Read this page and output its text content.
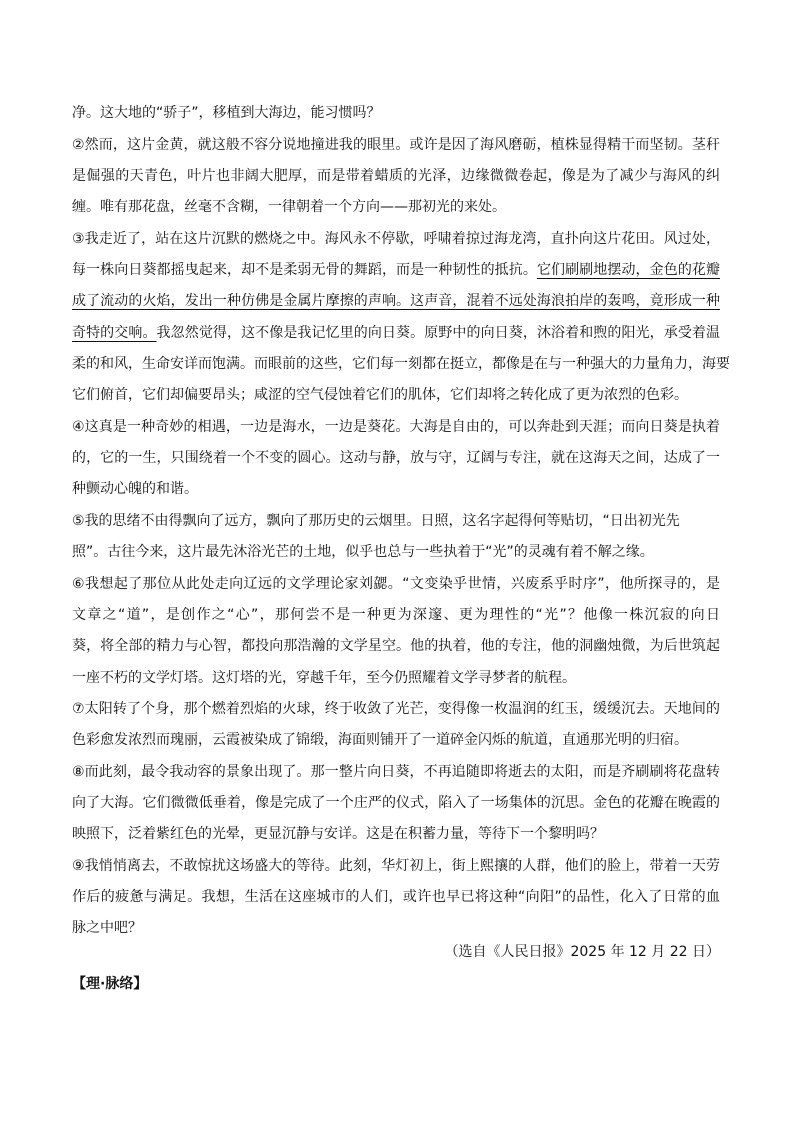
净。这大地的“骄子”，移植到大海边，能习惯吗？
②然而，这片金黄，就这般不容分说地撞进我的眼里。或许是因了海风磨砺，植株显得精干而坚韧。茎秆
是倔强的天青色，叶片也非阔大肥厚，而是带着蜡质的光泽，边缘微微卷起，像是为了减少与海风的纠
缠。唯有那花盘，丝毫不含糊，一律朝着一个方向——那初光的来处。
③我走近了，站在这片沉默的燃烧之中。海风永不停歇，呼啸着掠过海龙湾，直扑向这片花田。风过处，
每一株向日葵都摇曳起来，却不是柔弱无骨的舞蹈，而是一种韧性的抵抗。它们刷刷地摆动，金色的花瓣
成了流动的火焰，发出一种仿佛是金属片摩擦的声响。这声音，混着不远处海浪拍岸的轰鸣，竟形成一种
奇特的交响。我忽然觉得，这不像是我记忆里的向日葵。原野中的向日葵，沐浴着和煦的阳光，承受着温
柔的和风，生命安详而饱满。而眼前的这些，它们每一刻都在挺立，都像是在与一种强大的力量角力，海要
它们俯首，它们却偏要昂头；咸涩的空气侵蚀着它们的肌体，它们却将之转化成了更为浓烈的色彩。
④这真是一种奇妙的相遇，一边是海水，一边是葵花。大海是自由的，可以奔赴到天涯；而向日葵是执着
的，它的一生，只围绕着一个不变的圆心。这动与静，放与守，辽阔与专注，就在这海天之间，达成了一
种颤动心魄的和谐。
⑤我的思绪不由得飘向了远方，飘向了那历史的云烟里。日照，这名字起得何等贴切，“日出初光先
照”。古往今来，这片最先沐浴光芒的土地，似乎也总与一些执着于“光”的灵魂有着不解之缘。
⑥我想起了那位从此处走向辽远的文学理论家刘勰。“文变染乎世情，兴废系乎时序”，他所探寻的，是
文章之“道”，是创作之“心”，那何尝不是一种更为深邃、更为理性的“光”？他像一株沉寂的向日
葵，将全部的精力与心智，都投向那浩瀚的文学星空。他的执着，他的专注，他的洞幽烛微，为后世筑起
一座不朽的文学灯塔。这灯塔的光，穿越千年，至今仍照耀着文学寻梦者的航程。
⑦太阳转了个身，那个燃着烈焰的火球，终于收敛了光芒，变得像一枚温润的红玉，缓缓沉去。天地间的
色彩愈发浓烈而瑰丽，云霞被染成了锦缎，海面则铺开了一道碎金闪烁的航道，直通那光明的归宿。
⑧而此刻，最令我动容的景象出现了。那一整片向日葵，不再追随即将逝去的太阳，而是齐刷刷将花盘转
向了大海。它们微微低垂着，像是完成了一个庄严的仪式，陷入了一场集体的沉思。金色的花瓣在晚霞的
映照下，泛着紫红色的光晕，更显沉静与安详。这是在积蓄力量，等待下一个黎明吗？
⑨我悄悄离去，不敢惊扰这场盛大的等待。此刻，华灯初上，街上熙攘的人群，他们的脸上，带着一天劳
作后的疲惫与满足。我想，生活在这座城市的人们，或许也早已将这种“向阳”的品性，化入了日常的血
脉之中吧？
（选自《人民日报》2025 年 12 月 22 日）
【理·脉络】
